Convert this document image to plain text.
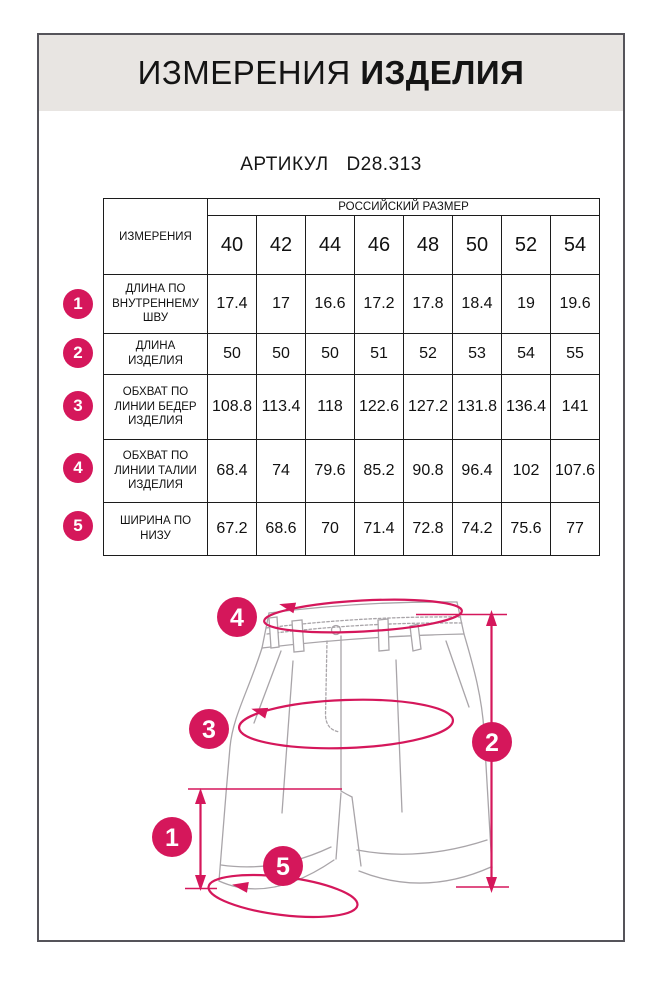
ИЗМЕРЕНИЯ ИЗДЕЛИЯ
АРТИКУЛ D28.313
ИЗМЕРЕНИЯ	РОССИЙСКИЙ РАЗМЕР							
	40	42	44	46	48	50	52	54
ДЛИНА ПО ВНУТРЕННЕМУ ШВУ	17.4	17	16.6	17.2	17.8	18.4	19	19.6
ДЛИНА ИЗДЕЛИЯ	50	50	50	51	52	53	54	55
ОБХВАТ ПО ЛИНИИ БЕДЕР ИЗДЕЛИЯ	108.8	113.4	118	122.6	127.2	131.8	136.4	141
ОБХВАТ ПО ЛИНИИ ТАЛИИ ИЗДЕЛИЯ	68.4	74	79.6	85.2	90.8	96.4	102	107.6
ШИРИНА ПО НИЗУ	67.2	68.6	70	71.4	72.8	74.2	75.6	77
1
2
3
4
5
4
3	2
1
5
